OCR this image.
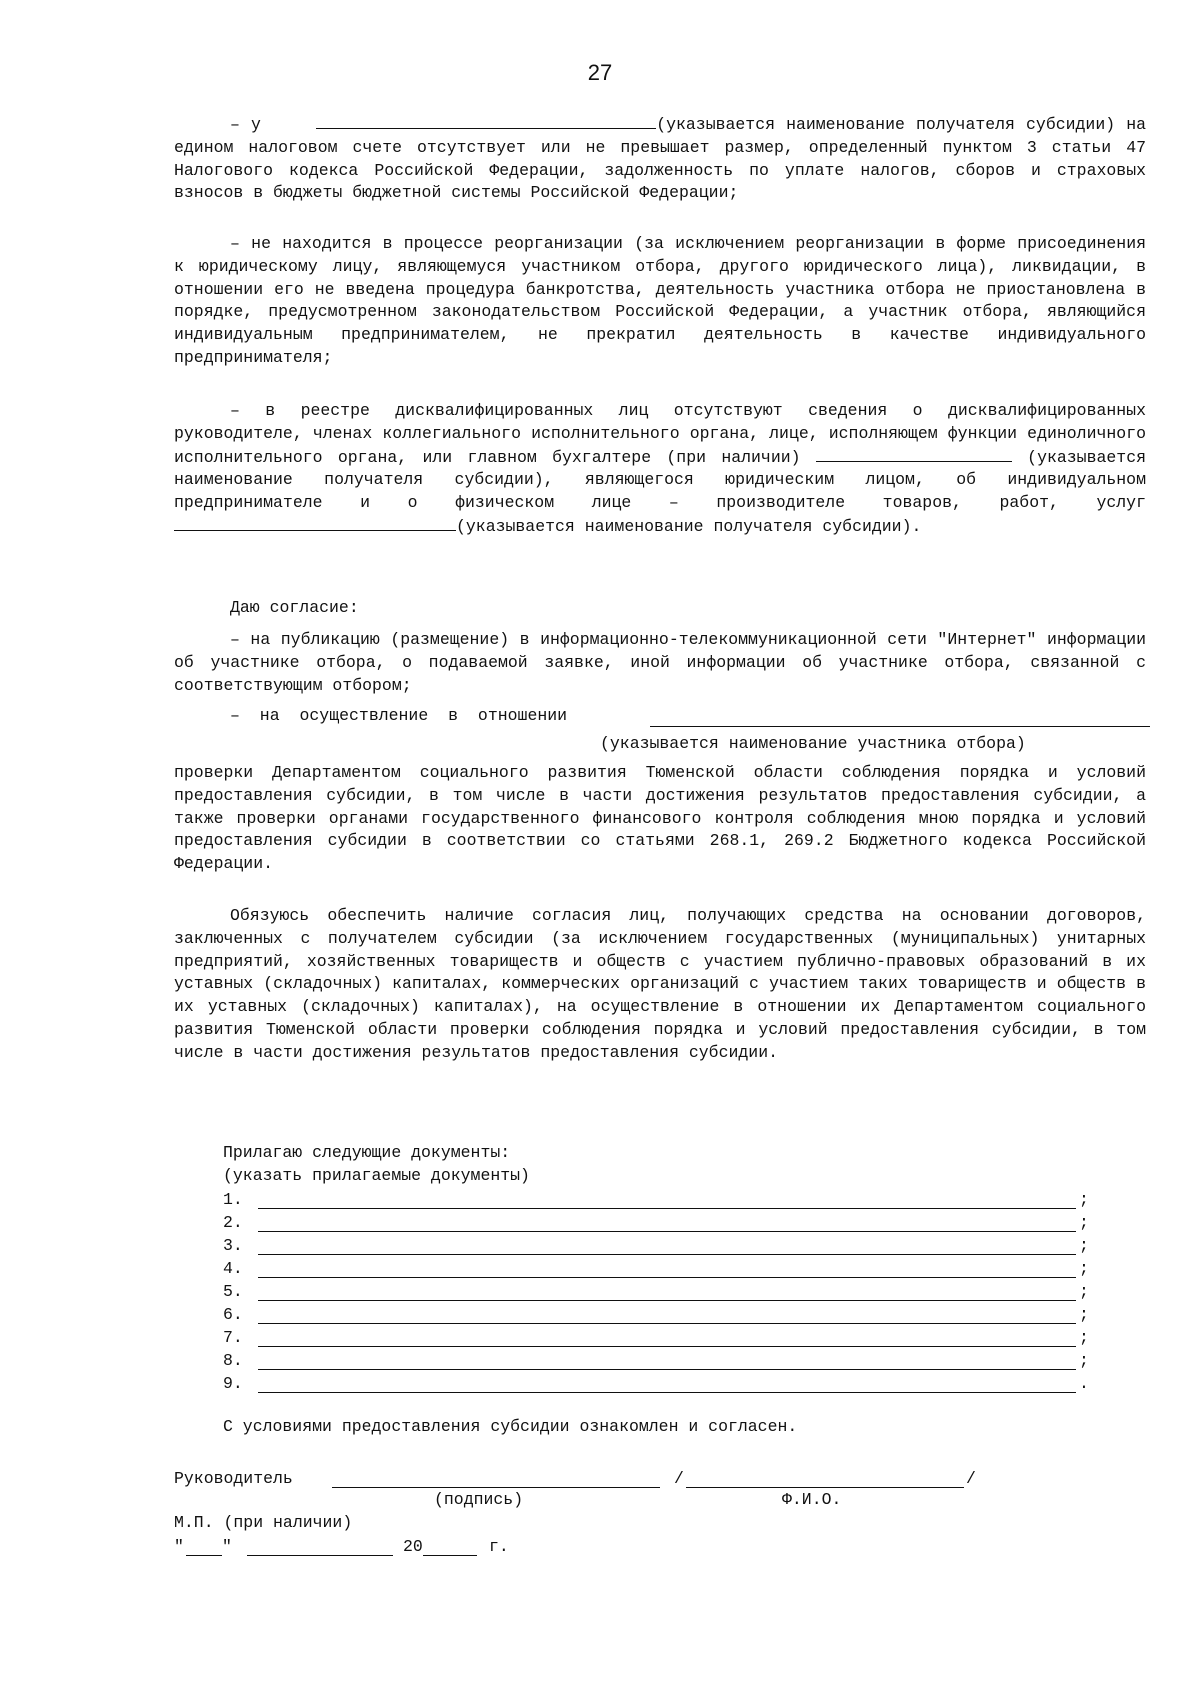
27

– у	(указывается наименование получателя субсидии) на едином налоговом счете отсутствует или не превышает размер, определенный пунктом 3 статьи 47 Налогового кодекса Российской Федерации, задолженность по уплате налогов, сборов и страховых взносов в бюджеты бюджетной системы Российской Федерации;

– не находится в процессе реорганизации (за исключением реорганизации в форме присоединения к юридическому лицу, являющемуся участником отбора, другого юридического лица), ликвидации, в отношении его не введена процедура банкротства, деятельность участника отбора не приостановлена в порядке, предусмотренном законодательством Российской Федерации, а участник отбора, являющийся индивидуальным предпринимателем, не прекратил деятельность в качестве индивидуального предпринимателя;

– в реестре дисквалифицированных лиц отсутствуют сведения о дисквалифицированных руководителе, членах коллегиального исполнительного органа, лице, исполняющем функции единоличного исполнительного органа, или главном бухгалтере (при наличии)	(указывается наименование получателя субсидии), являющегося юридическим лицом, об индивидуальном предпринимателе и о физическом лице – производителе товаров, работ, услуг (указывается наименование получателя субсидии).

Даю согласие:

– на публикацию (размещение) в информационно-телекоммуникационной сети "Интернет" информации об участнике отбора, о подаваемой заявке, иной информации об участнике отбора, связанной с соответствующим отбором;

– на осуществление в отношении
(указывается наименование участника отбора)

проверки Департаментом социального развития Тюменской области соблюдения порядка и условий предоставления субсидии, в том числе в части достижения результатов предоставления субсидии, а также проверки органами государственного финансового контроля соблюдения мною порядка и условий предоставления субсидии в соответствии со статьями 268.1, 269.2 Бюджетного кодекса Российской Федерации.

Обязуюсь обеспечить наличие согласия лиц, получающих средства на основании договоров, заключенных с получателем субсидии (за исключением государственных (муниципальных) унитарных предприятий, хозяйственных товариществ и обществ с участием публично-правовых образований в их уставных (складочных) капиталах, коммерческих организаций с участием таких товариществ и обществ в их уставных (складочных) капиталах), на осуществление в отношении их Департаментом социального развития Тюменской области проверки соблюдения порядка и условий предоставления субсидии, в том числе в части достижения результатов предоставления субсидии.

Прилагаю следующие документы:
(указать прилагаемые документы)
1.	;
2.	;
3.	;
4.	;
5.	;
6.	;
7.	;
8.	;
9.	.
С условиями предоставления субсидии ознакомлен и согласен.
Руководитель	/	/
(подпись)	Ф.И.О.
М.П. (при наличии)
" "	20	г.
